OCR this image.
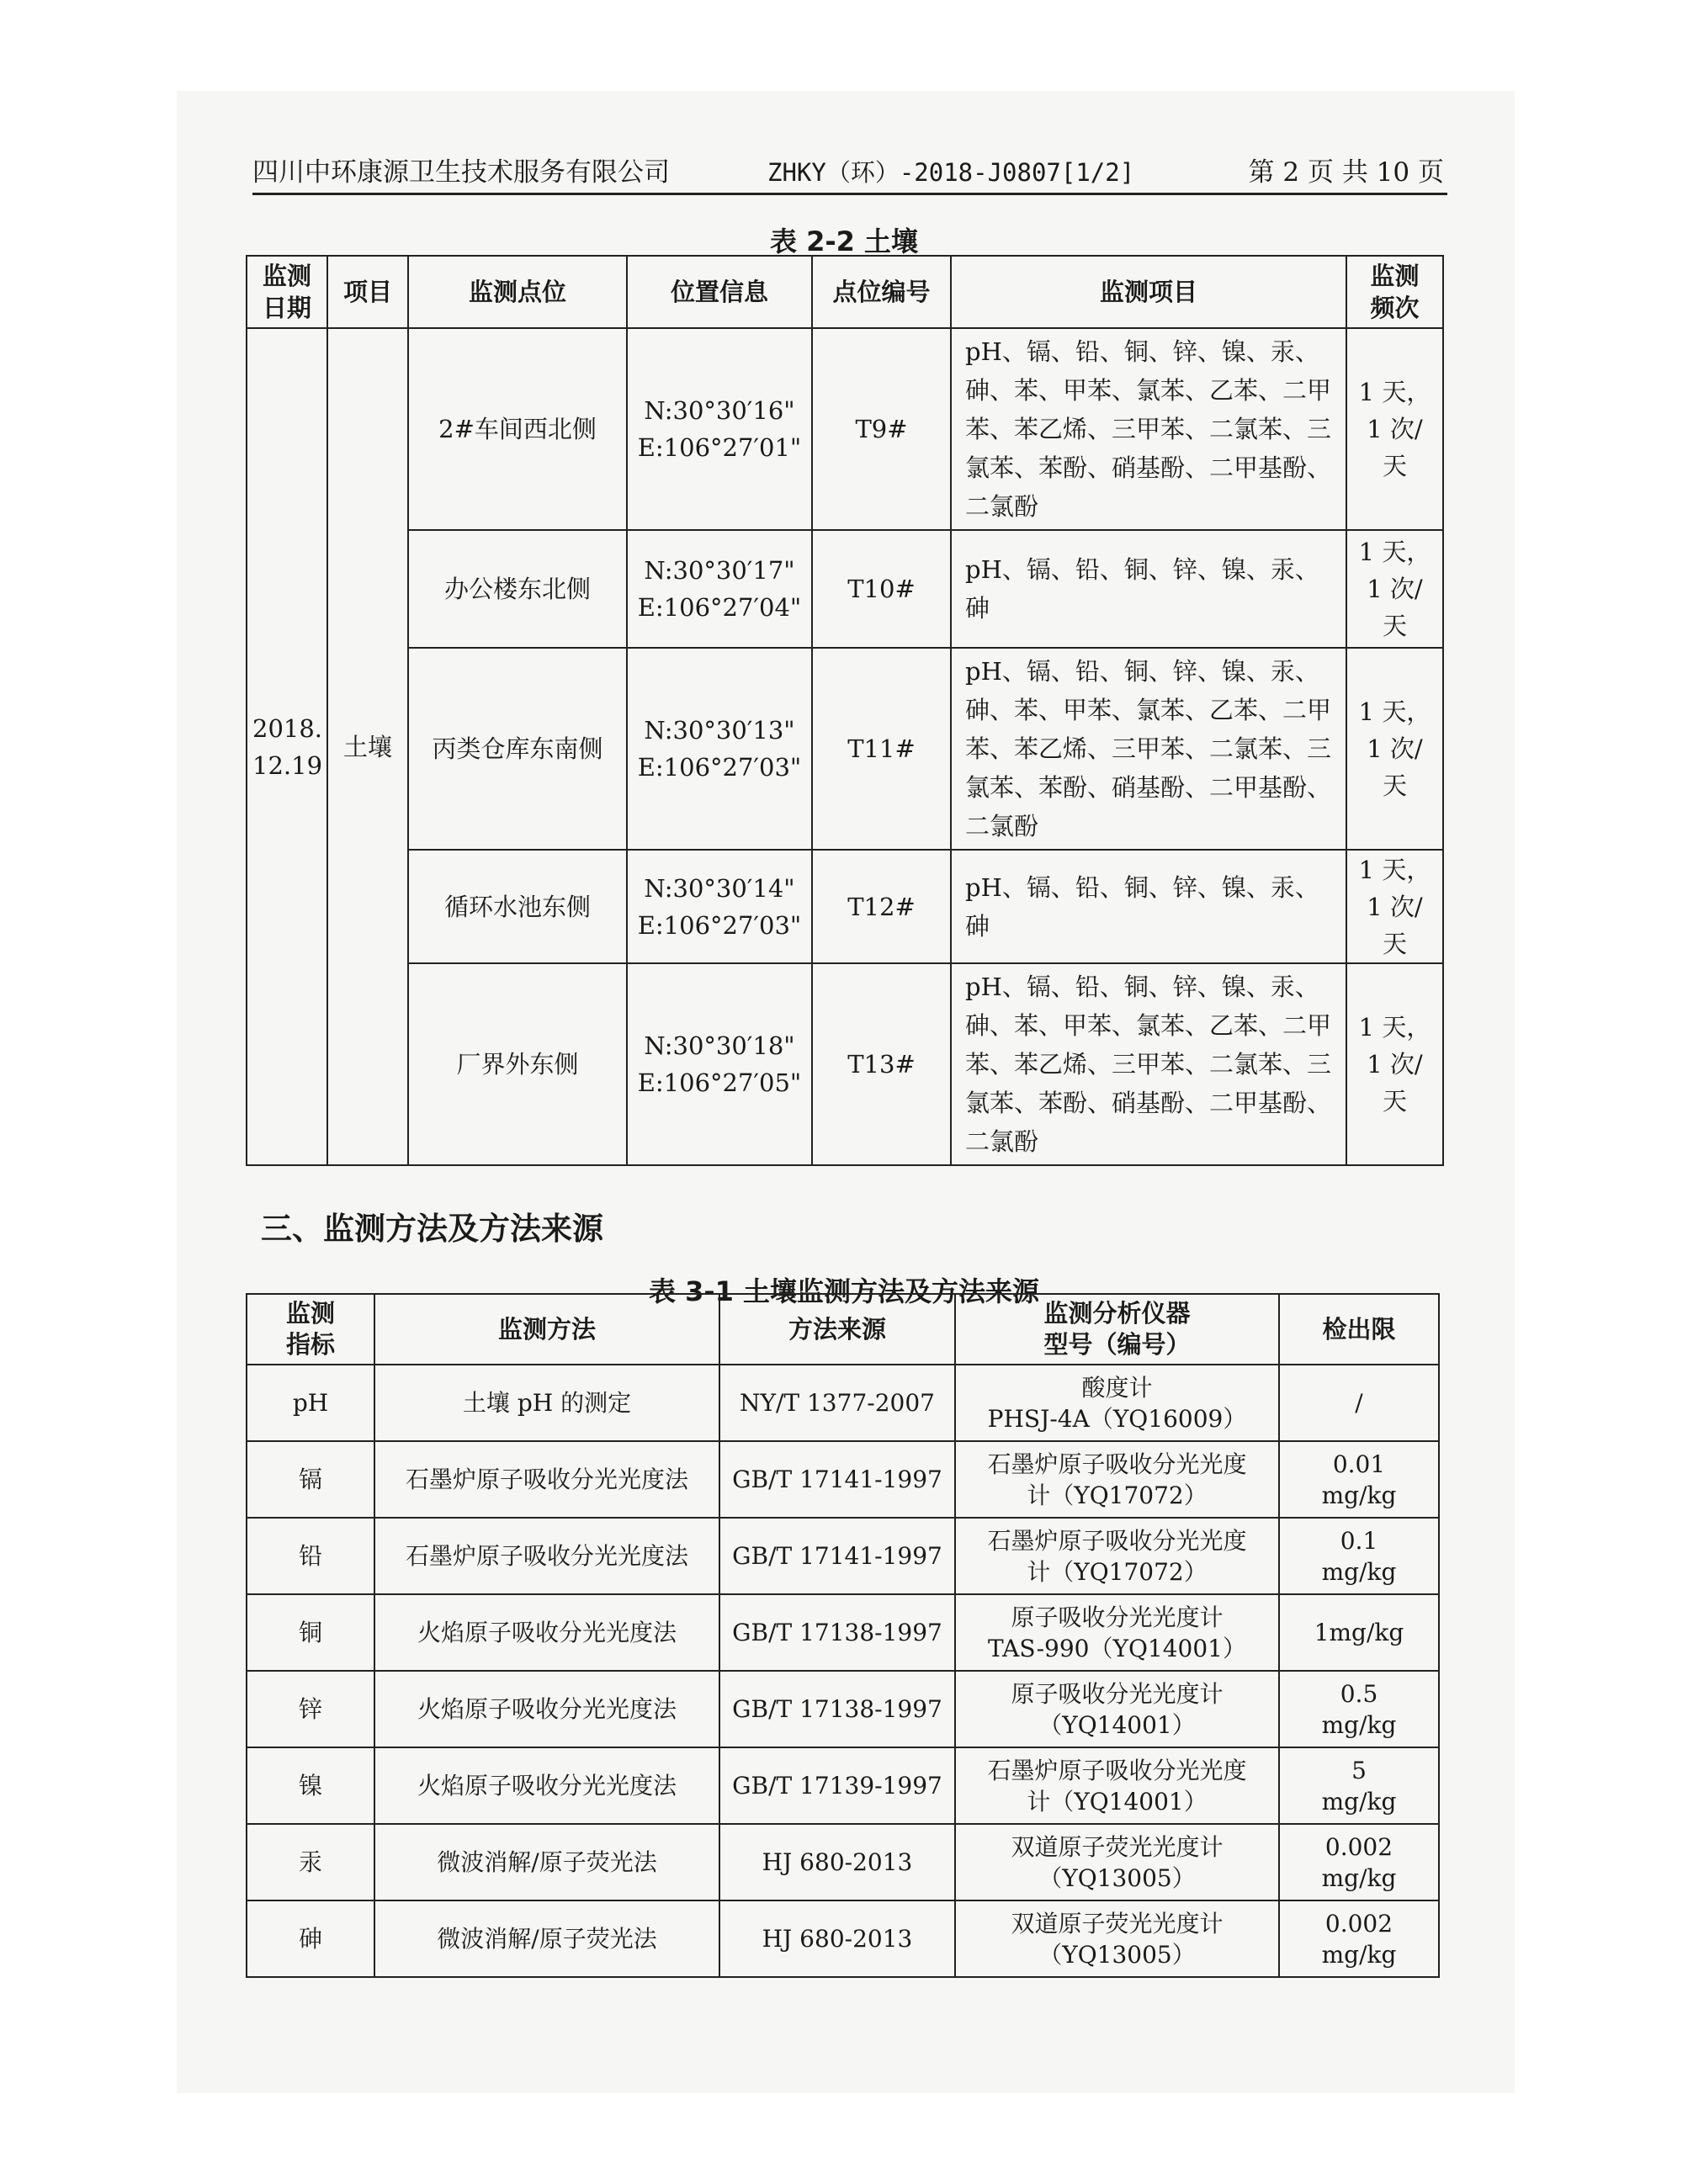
四川中环康源卫生技术服务有限公司	ZHKY（环）-2018-J0807[1/2]	第 2 页 共 10 页
表 2-2 土壤
监测
日期	项目	监测点位	位置信息	点位编号	监测项目	监测
频次
2018.
12.19	土壤	2#车间西北侧	N:30°30′16"
E:106°27′01"	T9#	pH、镉、铅、铜、锌、镍、汞、砷、苯、甲苯、氯苯、乙苯、二甲苯、苯乙烯、三甲苯、二氯苯、三氯苯、苯酚、硝基酚、二甲基酚、二氯酚	1 天，
1 次/
天
		办公楼东北侧	N:30°30′17"
E:106°27′04"	T10#	pH、镉、铅、铜、锌、镍、汞、砷	1 天，
1 次/
天
		丙类仓库东南侧	N:30°30′13"
E:106°27′03"	T11#	pH、镉、铅、铜、锌、镍、汞、砷、苯、甲苯、氯苯、乙苯、二甲苯、苯乙烯、三甲苯、二氯苯、三氯苯、苯酚、硝基酚、二甲基酚、二氯酚	1 天，
1 次/
天
		循环水池东侧	N:30°30′14"
E:106°27′03"	T12#	pH、镉、铅、铜、锌、镍、汞、砷	1 天，
1 次/
天
		厂界外东侧	N:30°30′18"
E:106°27′05"	T13#	pH、镉、铅、铜、锌、镍、汞、砷、苯、甲苯、氯苯、乙苯、二甲苯、苯乙烯、三甲苯、二氯苯、三氯苯、苯酚、硝基酚、二甲基酚、二氯酚	1 天，
1 次/
天
三、监测方法及方法来源
表 3-1 土壤监测方法及方法来源
监测
指标	监测方法	方法来源	监测分析仪器
型号（编号）	检出限
pH	土壤 pH 的测定	NY/T 1377-2007	酸度计
PHSJ-4A（YQ16009）	/
镉	石墨炉原子吸收分光光度法	GB/T 17141-1997	石墨炉原子吸收分光光度
计（YQ17072）	0.01
mg/kg
铅	石墨炉原子吸收分光光度法	GB/T 17141-1997	石墨炉原子吸收分光光度
计（YQ17072）	0.1
mg/kg
铜	火焰原子吸收分光光度法	GB/T 17138-1997	原子吸收分光光度计
TAS-990（YQ14001）	1mg/kg
锌	火焰原子吸收分光光度法	GB/T 17138-1997	原子吸收分光光度计
（YQ14001）	0.5
mg/kg
镍	火焰原子吸收分光光度法	GB/T 17139-1997	石墨炉原子吸收分光光度
计（YQ14001）	5
mg/kg
汞	微波消解/原子荧光法	HJ 680-2013	双道原子荧光光度计
（YQ13005）	0.002
mg/kg
砷	微波消解/原子荧光法	HJ 680-2013	双道原子荧光光度计
（YQ13005）	0.002
mg/kg
